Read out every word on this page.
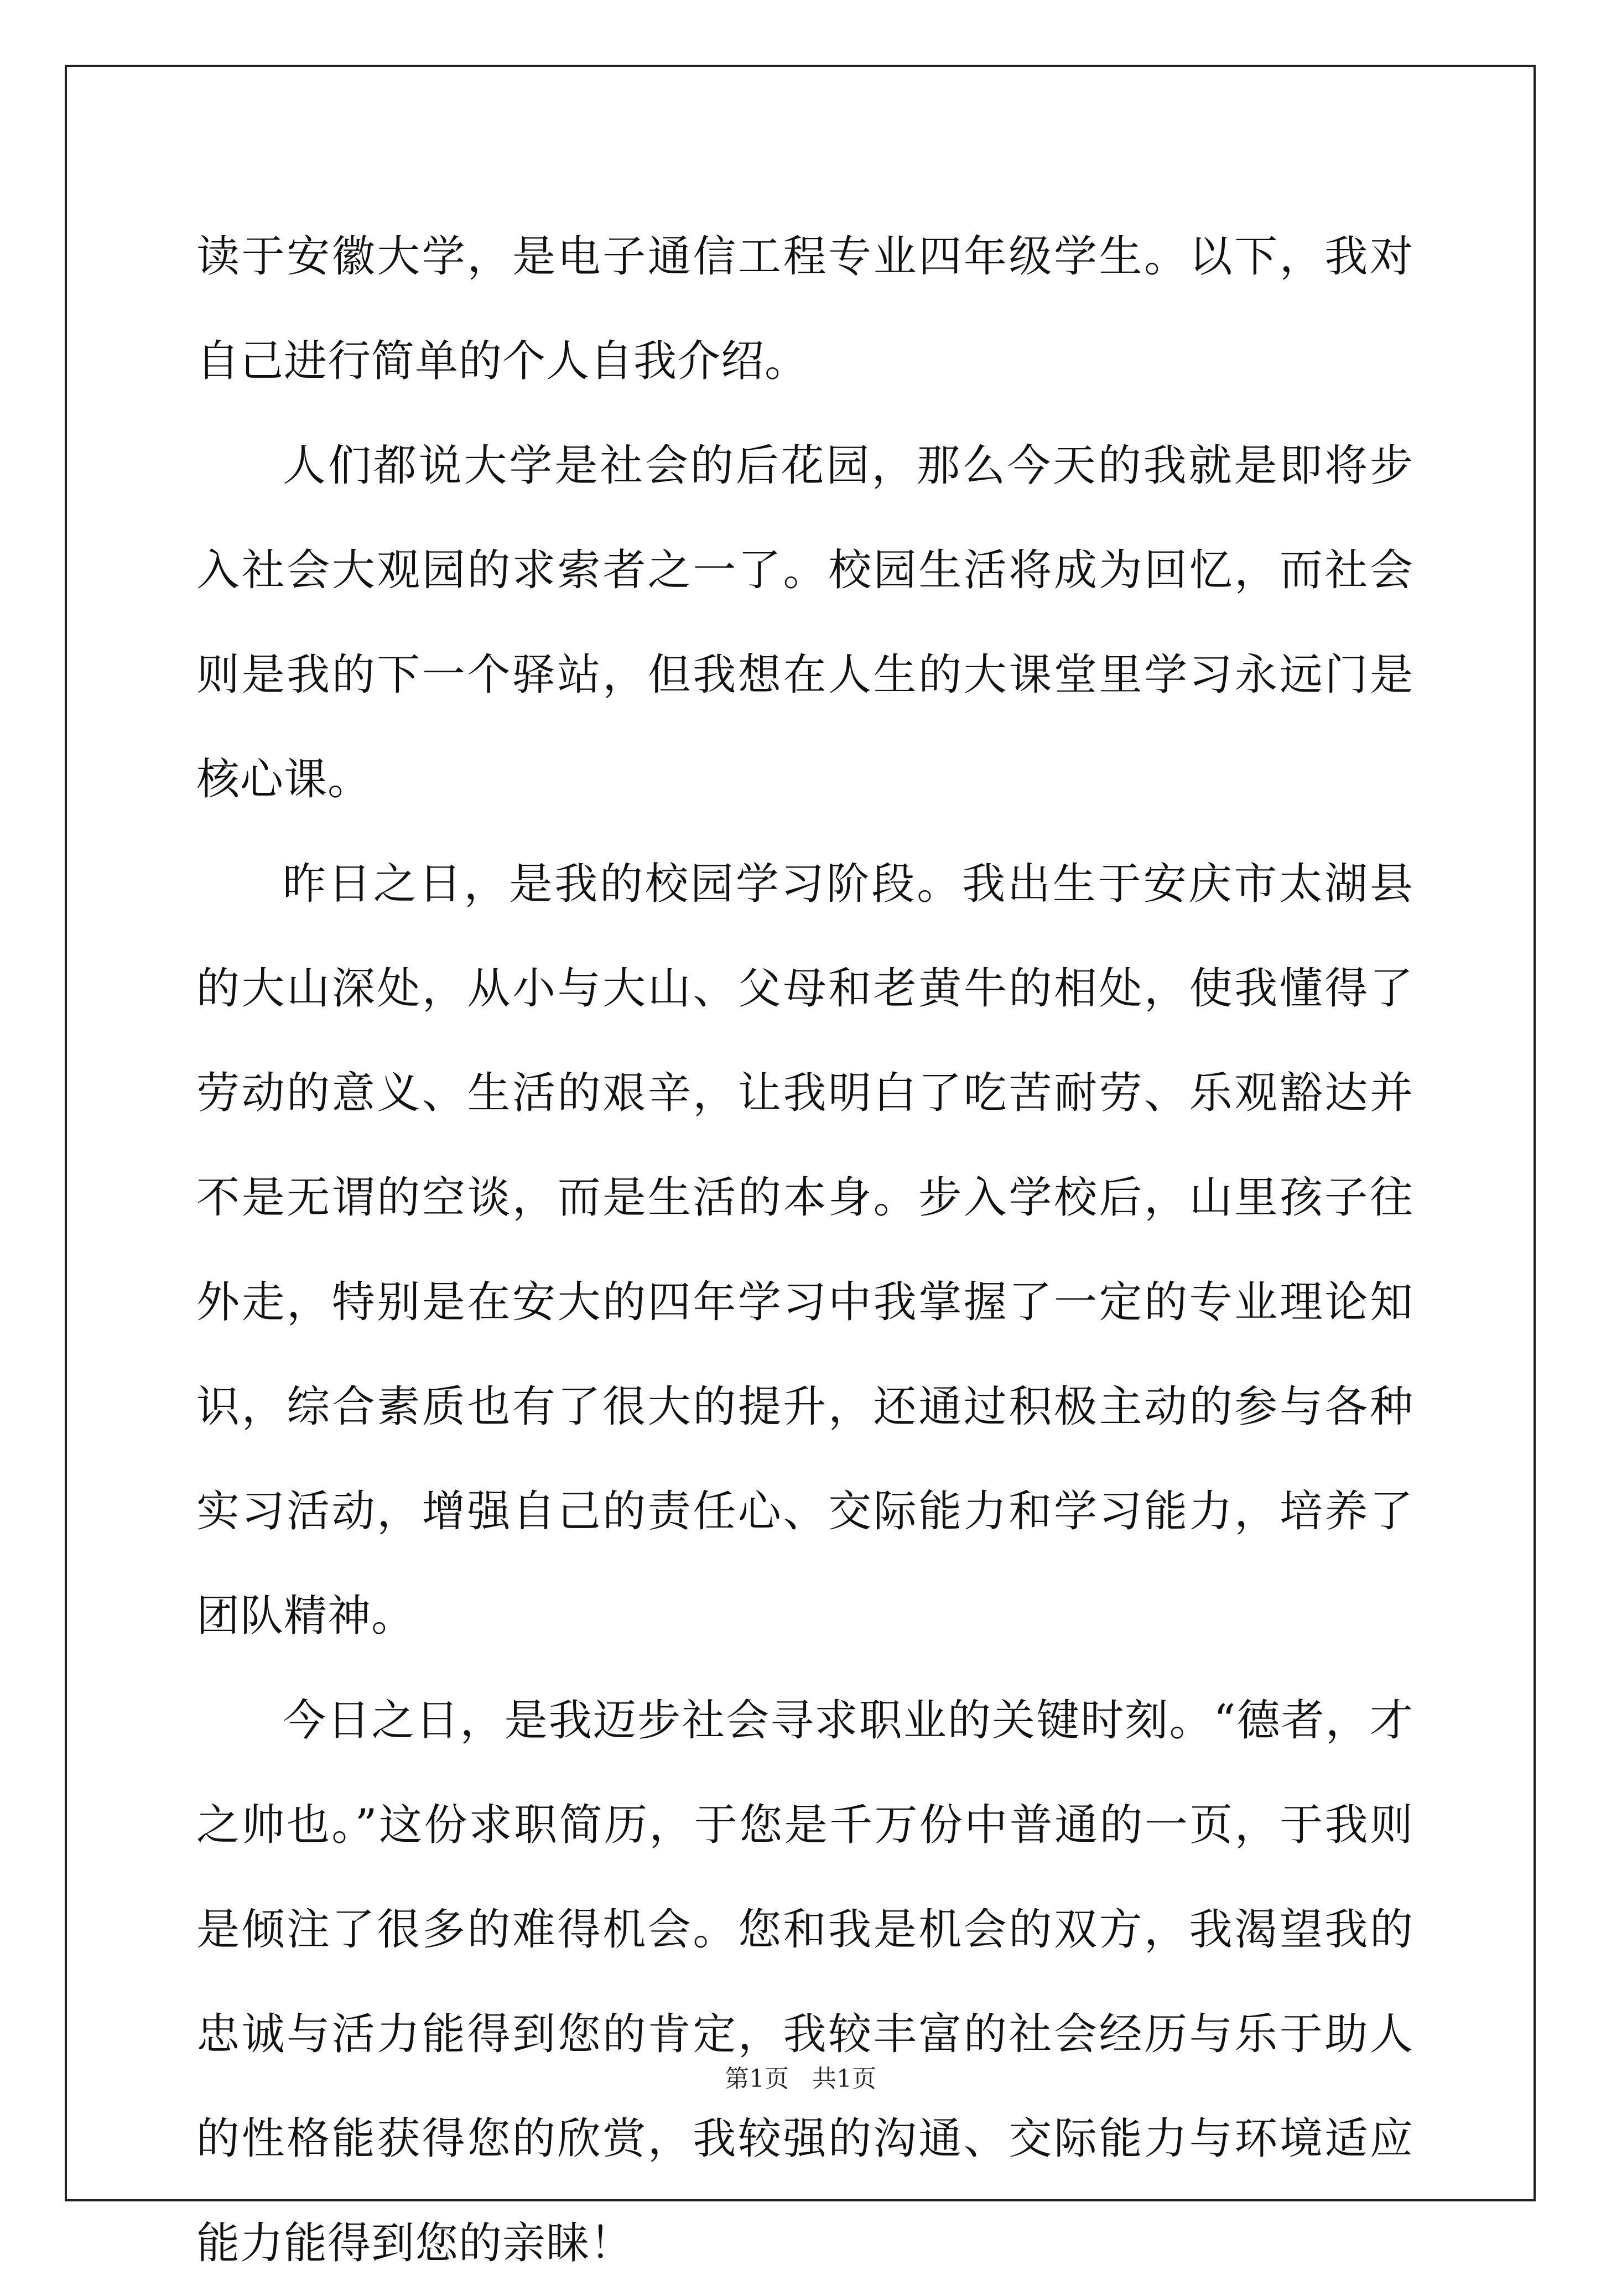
读于安徽大学，是电子通信工程专业四年级学生。以下，我对自己进行简单的个人自我介绍。

人们都说大学是社会的后花园，那么今天的我就是即将步入社会大观园的求索者之一了。校园生活将成为回忆，而社会则是我的下一个驿站，但我想在人生的大课堂里学习永远门是核心课。

昨日之日，是我的校园学习阶段。我出生于安庆市太湖县的大山深处，从小与大山、父母和老黄牛的相处，使我懂得了劳动的意义、生活的艰辛，让我明白了吃苦耐劳、乐观豁达并不是无谓的空谈，而是生活的本身。步入学校后，山里孩子往外走，特别是在安大的四年学习中我掌握了一定的专业理论知识，综合素质也有了很大的提升，还通过积极主动的参与各种实习活动，增强自己的责任心、交际能力和学习能力，培养了团队精神。

今日之日，是我迈步社会寻求职业的关键时刻。“德者，才之帅也。”这份求职简历，于您是千万份中普通的一页，于我则是倾注了很多的难得机会。您和我是机会的双方，我渴望我的忠诚与活力能得到您的肯定，我较丰富的社会经历与乐于助人的性格能获得您的欣赏，我较强的沟通、交际能力与环境适应能力能得到您的亲睐！

第1页 共1页
